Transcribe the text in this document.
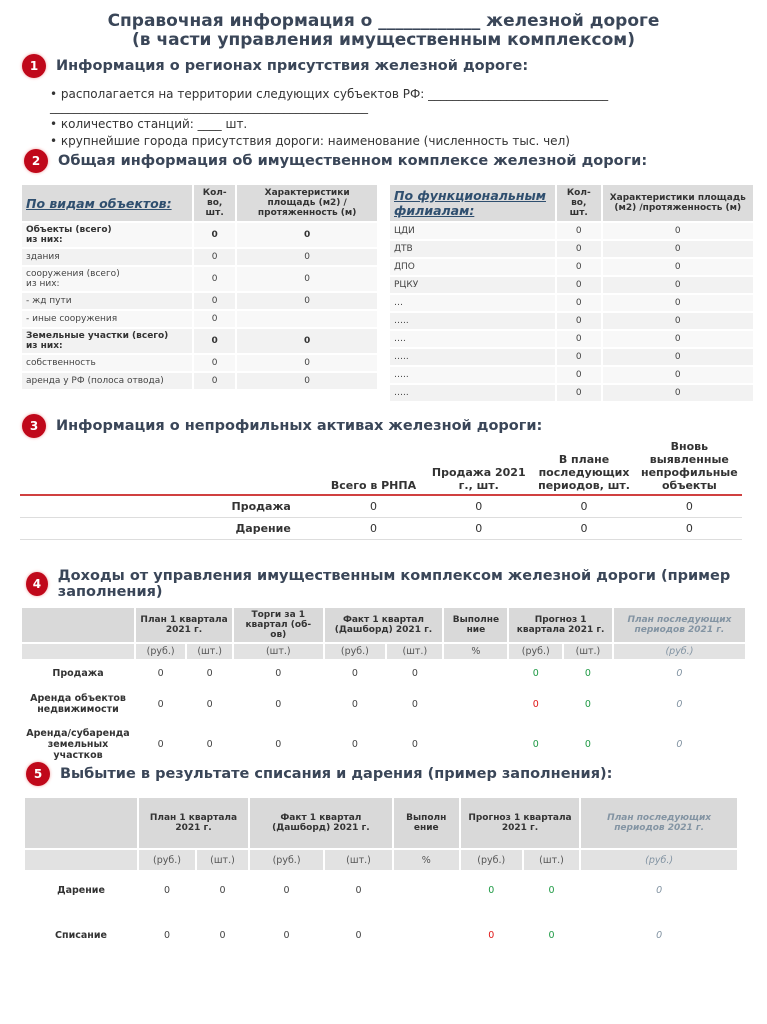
Справочная информация о ____________ железной дороге
(в части управления имущественным комплексом)
1	Информация о регионах присутствия железной дороге:
• располагается на территории следующих субъектов РФ: ______________________________
_____________________________________________________
• количество станций: ____ шт.
• крупнейшие города присутствия дороги: наименование (численность тыс. чел)
2	Общая информация об имущественном комплексе железной дороги:
По видам объектов:	Кол-во, шт.	Характеристики площадь (м2) /протяженность (м)
Объекты (всего)
из них:	0	0
здания	0	0
сооружения (всего)
из них:	0	0
- жд пути	0	0
- иные сооружения	0	
Земельные участки (всего)
из них:	0	0
собственность	0	0
аренда у РФ (полоса отвода)	0	0
По функциональным филиалам:	Кол-во, шт.	Характеристики площадь (м2) /протяженность (м)
ЦДИ	0	0
ДТВ	0	0
ДПО	0	0
РЦКУ	0	0
…	0	0
…..	0	0
….	0	0
…..	0	0
…..	0	0
…..	0	0
3	Информация о непрофильных активах железной дороги:
	Всего в РНПА	Продажа 2021 г., шт.	В плане последующих периодов, шт.	Вновь выявленные непрофильные объекты
Продажа	0	0	0	0
Дарение	0	0	0	0
4	Доходы от управления имущественным комплексом железной дороги (пример заполнения)
	План 1 квартала 2021 г.		Торги за 1 квартал (об-ов)	Факт 1 квартал (Дашборд) 2021 г.		Выполне ние	Прогноз 1 квартала 2021 г.		План последующих периодов 2021 г.
	(руб.)	(шт.)	(шт.)	(руб.)	(шт.)	%	(руб.)	(шт.)	(руб.)
Продажа	0	0	0	0	0		0	0	0
Аренда объектов недвижимости	0	0	0	0	0		0	0	0
Аренда/субаренда земельных участков	0	0	0	0	0		0	0	0
5	Выбытие в результате списания и дарения (пример заполнения):
	План 1 квартала 2021 г.		Факт 1 квартал (Дашборд) 2021 г.		Выполн ение	Прогноз 1 квартала 2021 г.		План последующих периодов 2021 г.
	(руб.)	(шт.)	(руб.)	(шт.)	%	(руб.)	(шт.)	(руб.)
Дарение	0	0	0	0		0	0	0
Списание	0	0	0	0		0	0	0
